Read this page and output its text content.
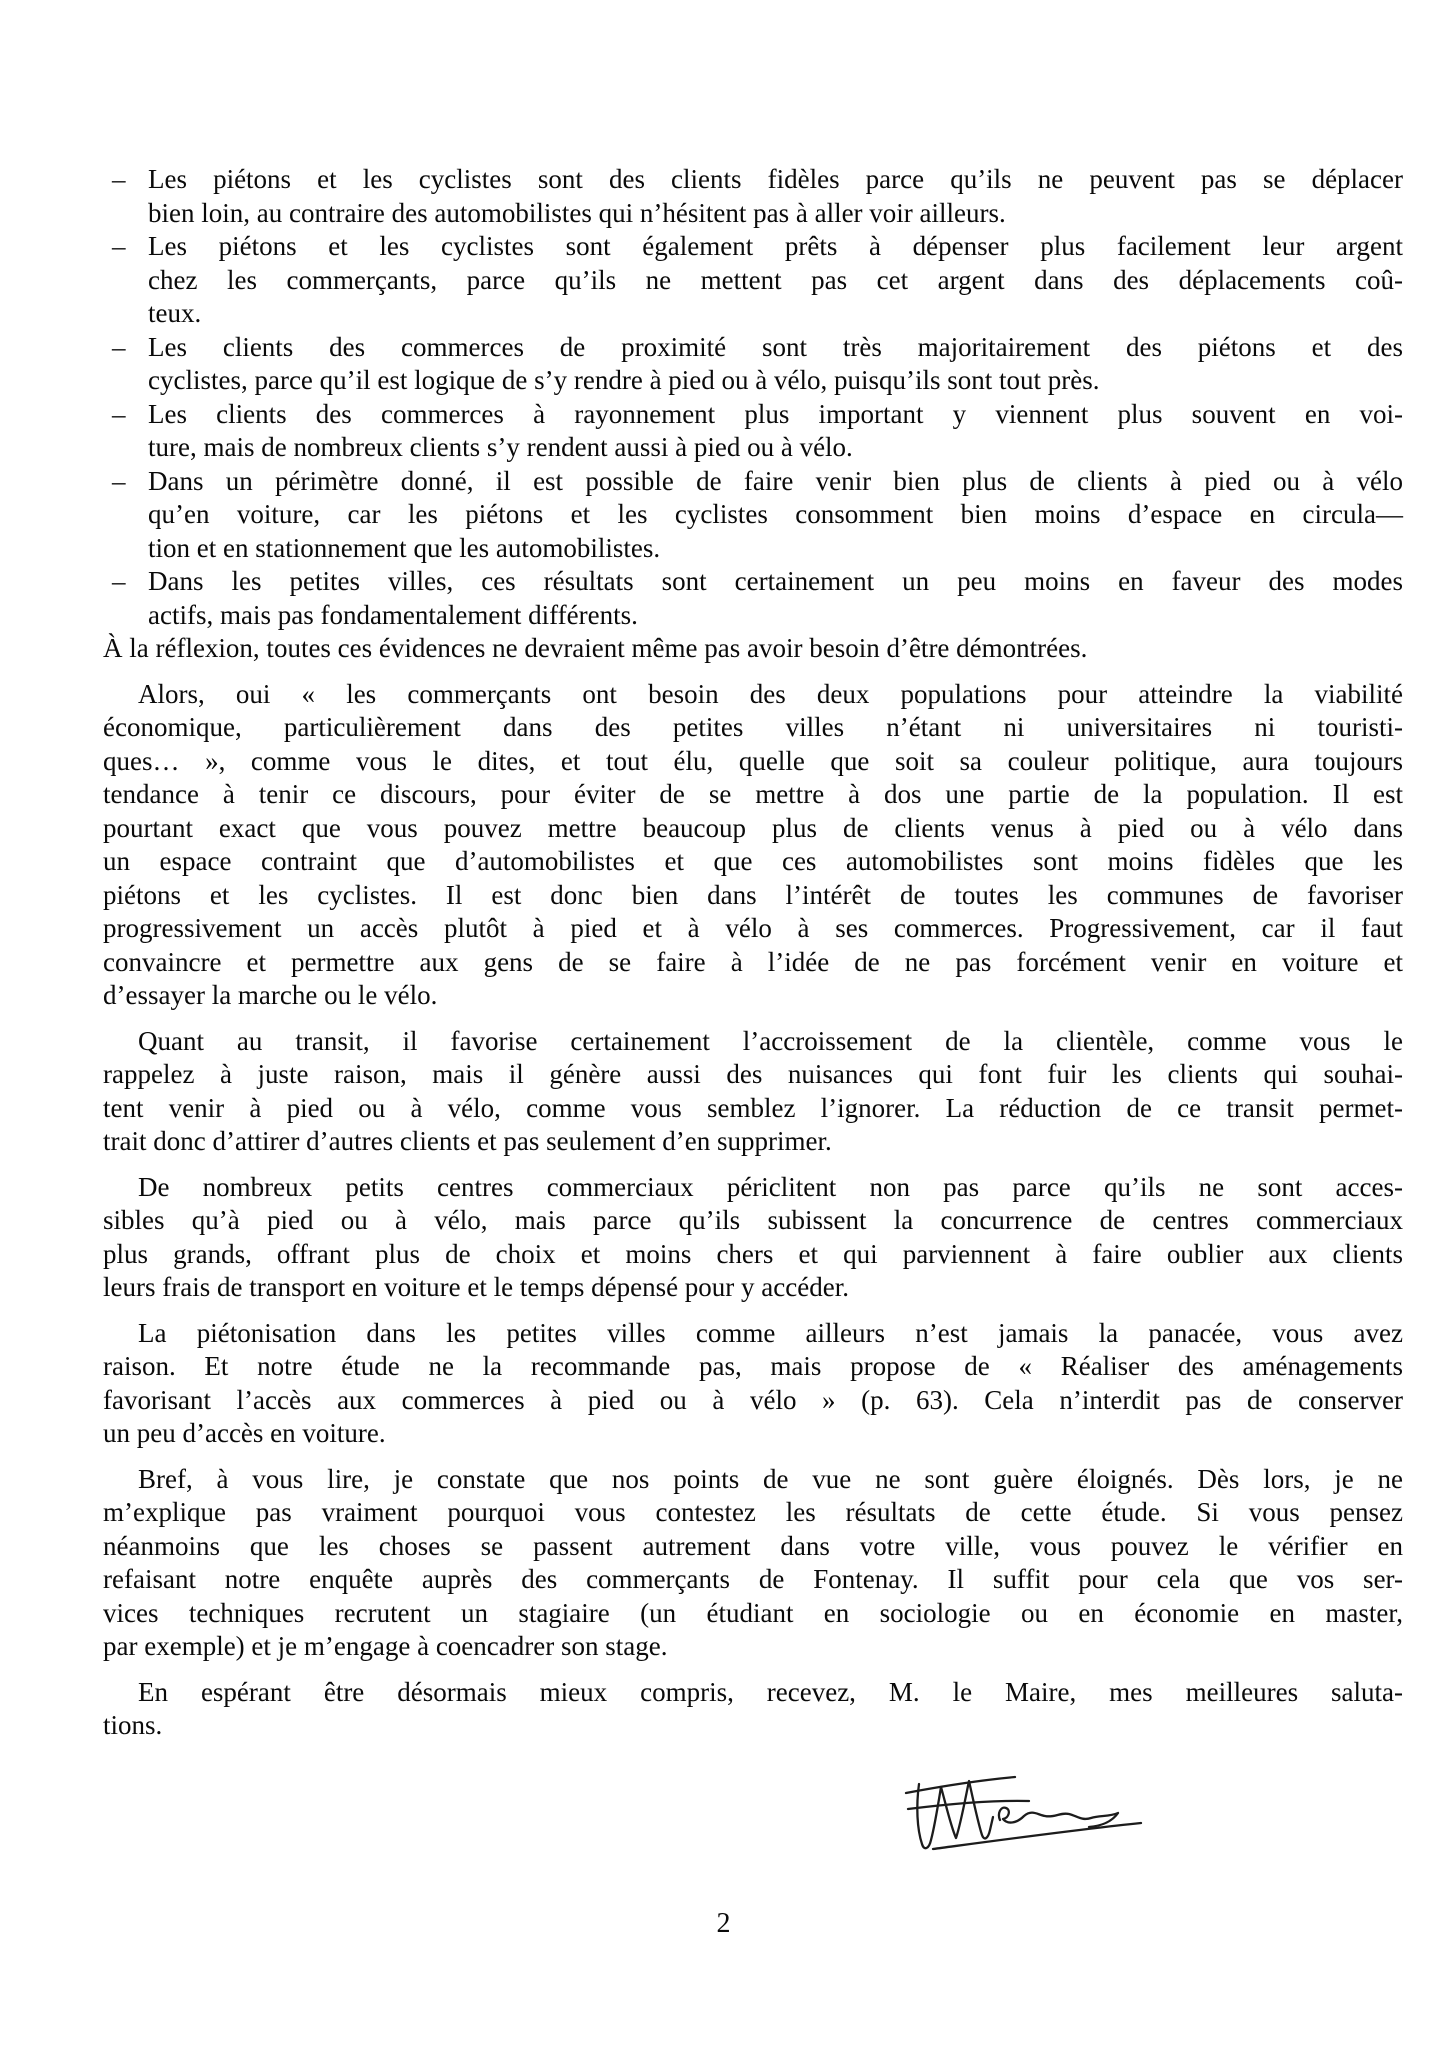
– Les piétons et les cyclistes sont des clients fidèles parce qu’ils ne peuvent pas se déplacer
bien loin, au contraire des automobilistes qui n’hésitent pas à aller voir ailleurs.
– Les piétons et les cyclistes sont également prêts à dépenser plus facilement leur argent
chez les commerçants, parce qu’ils ne mettent pas cet argent dans des déplacements coû-
teux.
– Les clients des commerces de proximité sont très majoritairement des piétons et des
cyclistes, parce qu’il est logique de s’y rendre à pied ou à vélo, puisqu’ils sont tout près.
– Les clients des commerces à rayonnement plus important y viennent plus souvent en voi-
ture, mais de nombreux clients s’y rendent aussi à pied ou à vélo.
– Dans un périmètre donné, il est possible de faire venir bien plus de clients à pied ou à vélo
qu’en voiture, car les piétons et les cyclistes consomment bien moins d’espace en circula—
tion et en stationnement que les automobilistes.
– Dans les petites villes, ces résultats sont certainement un peu moins en faveur des modes
actifs, mais pas fondamentalement différents.
À la réflexion, toutes ces évidences ne devraient même pas avoir besoin d’être démontrées.
Alors, oui « les commerçants ont besoin des deux populations pour atteindre la viabilité
économique, particulièrement dans des petites villes n’étant ni universitaires ni touristi-
ques… », comme vous le dites, et tout élu, quelle que soit sa couleur politique, aura toujours
tendance à tenir ce discours, pour éviter de se mettre à dos une partie de la population. Il est
pourtant exact que vous pouvez mettre beaucoup plus de clients venus à pied ou à vélo dans
un espace contraint que d’automobilistes et que ces automobilistes sont moins fidèles que les
piétons et les cyclistes. Il est donc bien dans l’intérêt de toutes les communes de favoriser
progressivement un accès plutôt à pied et à vélo à ses commerces. Progressivement, car il faut
convaincre et permettre aux gens de se faire à l’idée de ne pas forcément venir en voiture et
d’essayer la marche ou le vélo.
Quant au transit, il favorise certainement l’accroissement de la clientèle, comme vous le
rappelez à juste raison, mais il génère aussi des nuisances qui font fuir les clients qui souhai-
tent venir à pied ou à vélo, comme vous semblez l’ignorer. La réduction de ce transit permet-
trait donc d’attirer d’autres clients et pas seulement d’en supprimer.
De nombreux petits centres commerciaux périclitent non pas parce qu’ils ne sont acces-
sibles qu’à pied ou à vélo, mais parce qu’ils subissent la concurrence de centres commerciaux
plus grands, offrant plus de choix et moins chers et qui parviennent à faire oublier aux clients
leurs frais de transport en voiture et le temps dépensé pour y accéder.
La piétonisation dans les petites villes comme ailleurs n’est jamais la panacée, vous avez
raison. Et notre étude ne la recommande pas, mais propose de « Réaliser des aménagements
favorisant l’accès aux commerces à pied ou à vélo » (p. 63). Cela n’interdit pas de conserver
un peu d’accès en voiture.
Bref, à vous lire, je constate que nos points de vue ne sont guère éloignés. Dès lors, je ne
m’explique pas vraiment pourquoi vous contestez les résultats de cette étude. Si vous pensez
néanmoins que les choses se passent autrement dans votre ville, vous pouvez le vérifier en
refaisant notre enquête auprès des commerçants de Fontenay. Il suffit pour cela que vos ser-
vices techniques recrutent un stagiaire (un étudiant en sociologie ou en économie en master,
par exemple) et je m’engage à coencadrer son stage.
En espérant être désormais mieux compris, recevez, M. le Maire, mes meilleures saluta-
tions.
2
